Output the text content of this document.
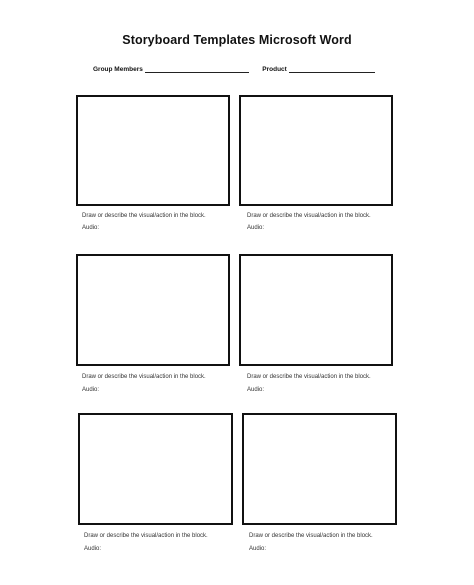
Storyboard Templates Microsoft Word
Group Members	Product
Draw or describe the visual/action in the block.
Audio:
Draw or describe the visual/action in the block.
Audio:
Draw or describe the visual/action in the block.
Audio:
Draw or describe the visual/action in the block.
Audio:
Draw or describe the visual/action in the block.
Audio:
Draw or describe the visual/action in the block.
Audio:
